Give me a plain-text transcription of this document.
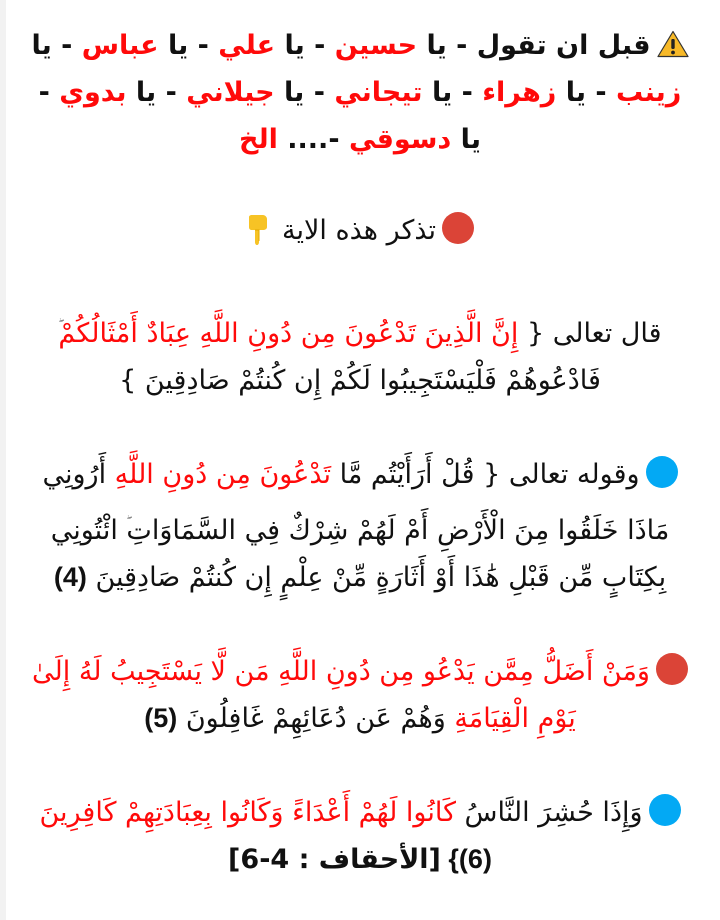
قبل ان تقول - يا حسين - يا علي - يا عباس - يا زينب - يا زهراء - يا تيجاني - يا جيلاني - يا بدوي - يا دسوقي -.... الخ

تذكر هذه الاية

قال تعالى { إِنَّ الَّذِينَ تَدْعُونَ مِن دُونِ اللَّهِ عِبَادٌ أَمْثَالُكُمْ فَادْعُوهُمْ فَلْيَسْتَجِيبُوا لَكُمْ إِن كُنتُمْ صَادِقِينَ }

وقوله تعالى { قُلْ أَرَأَيْتُم مَّا تَدْعُونَ مِن دُونِ اللَّهِ أَرُونِي مَاذَا خَلَقُوا مِنَ الْأَرْضِ أَمْ لَهُمْ شِرْكٌ فِي السَّمَاوَاتِ ائْتُونِي بِكِتَابٍ مِّن قَبْلِ هَٰذَا أَوْ أَثَارَةٍ مِّنْ عِلْمٍ إِن كُنتُمْ صَادِقِينَ (4)

وَمَنْ أَضَلُّ مِمَّن يَدْعُو مِن دُونِ اللَّهِ مَن لَّا يَسْتَجِيبُ لَهُ إِلَىٰ يَوْمِ الْقِيَامَةِ وَهُمْ عَن دُعَائِهِمْ غَافِلُونَ (5)

وَإِذَا حُشِرَ النَّاسُ كَانُوا لَهُمْ أَعْدَاءً وَكَانُوا بِعِبَادَتِهِمْ كَافِرِينَ (6)} [الأحقاف : 4-6]
